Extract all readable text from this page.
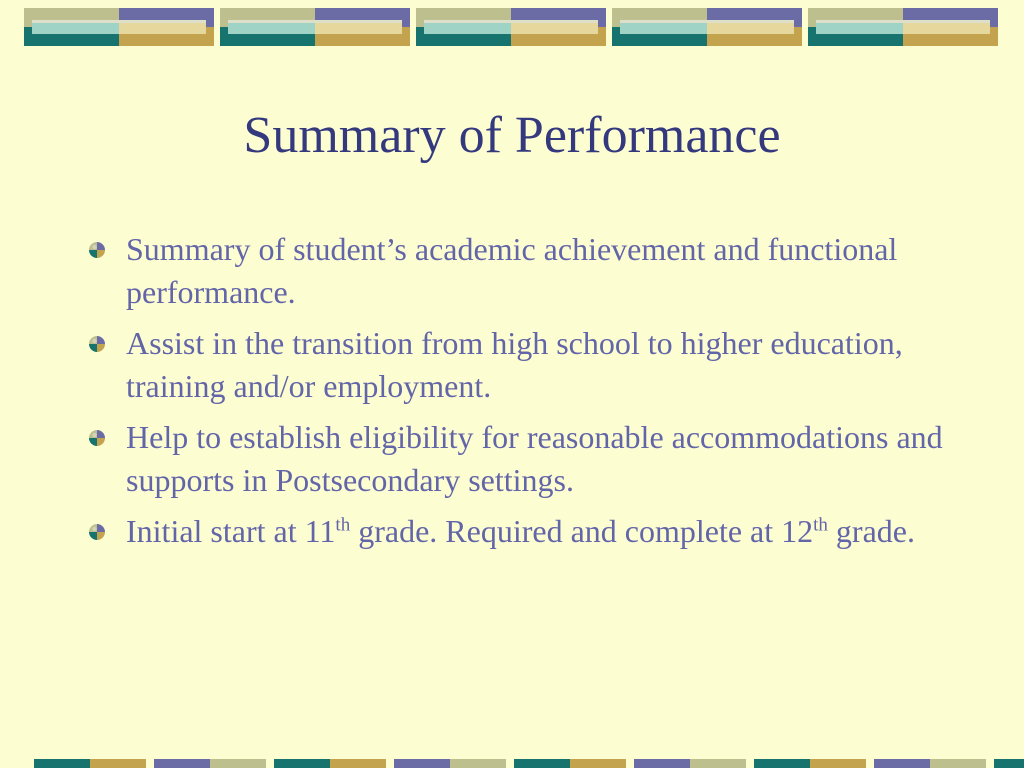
Summary of Performance
Summary of student’s academic achievement and functional performance.
Assist in the transition from high school to higher education, training and/or employment.
Help to establish eligibility for reasonable accommodations and supports in Postsecondary settings.
Initial start at 11th grade. Required and complete at 12th grade.
